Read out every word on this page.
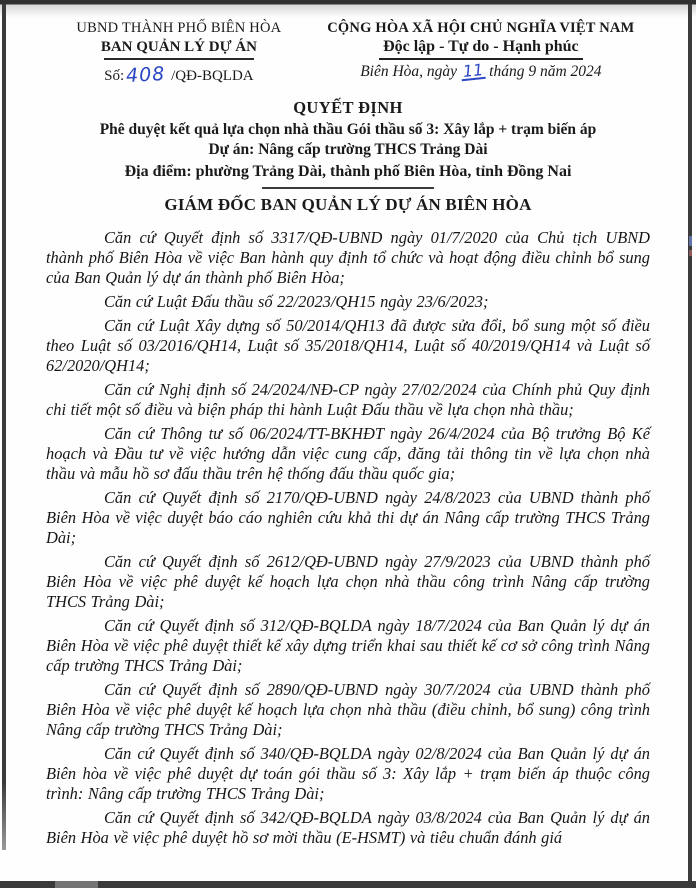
UBND THÀNH PHỐ BIÊN HÒA
BAN QUẢN LÝ DỰ ÁN
Số:408 /QĐ-BQLDA
CỘNG HÒA XÃ HỘI CHỦ NGHĨA VIỆT NAM
Độc lập - Tự do - Hạnh phúc
Biên Hòa, ngày 11 tháng 9 năm 2024
QUYẾT ĐỊNH
Phê duyệt kết quả lựa chọn nhà thầu Gói thầu số 3: Xây lắp + trạm biến áp
Dự án: Nâng cấp trường THCS Trảng Dài
Địa điểm: phường Trảng Dài, thành phố Biên Hòa, tỉnh Đồng Nai
GIÁM ĐỐC BAN QUẢN LÝ DỰ ÁN BIÊN HÒA

Căn cứ Quyết định số 3317/QĐ-UBND ngày 01/7/2020 của Chủ tịch UBND thành phố Biên Hòa về việc Ban hành quy định tổ chức và hoạt động điều chỉnh bổ sung của Ban Quản lý dự án thành phố Biên Hòa;

Căn cứ Luật Đấu thầu số 22/2023/QH15 ngày 23/6/2023;

Căn cứ Luật Xây dựng số 50/2014/QH13 đã được sửa đổi, bổ sung một số điều theo Luật số 03/2016/QH14, Luật số 35/2018/QH14, Luật số 40/2019/QH14 và Luật số 62/2020/QH14;

Căn cứ Nghị định số 24/2024/NĐ-CP ngày 27/02/2024 của Chính phủ Quy định chi tiết một số điều và biện pháp thi hành Luật Đấu thầu về lựa chọn nhà thầu;

Căn cứ Thông tư số 06/2024/TT-BKHĐT ngày 26/4/2024 của Bộ trưởng Bộ Kế hoạch và Đầu tư về việc hướng dẫn việc cung cấp, đăng tải thông tin về lựa chọn nhà thầu và mẫu hồ sơ đấu thầu trên hệ thống đấu thầu quốc gia;

Căn cứ Quyết định số 2170/QĐ-UBND ngày 24/8/2023 của UBND thành phố Biên Hòa về việc duyệt báo cáo nghiên cứu khả thi dự án Nâng cấp trường THCS Trảng Dài;

Căn cứ Quyết định số 2612/QĐ-UBND ngày 27/9/2023 của UBND thành phố Biên Hòa về việc phê duyệt kế hoạch lựa chọn nhà thầu công trình Nâng cấp trường THCS Trảng Dài;

Căn cứ Quyết định số 312/QĐ-BQLDA ngày 18/7/2024 của Ban Quản lý dự án Biên Hòa về việc phê duyệt thiết kế xây dựng triển khai sau thiết kế cơ sở công trình Nâng cấp trường THCS Trảng Dài;

Căn cứ Quyết định số 2890/QĐ-UBND ngày 30/7/2024 của UBND thành phố Biên Hòa về việc phê duyệt kế hoạch lựa chọn nhà thầu (điều chỉnh, bổ sung) công trình Nâng cấp trường THCS Trảng Dài;

Căn cứ Quyết định số 340/QĐ-BQLDA ngày 02/8/2024 của Ban Quản lý dự án Biên hòa về việc phê duyệt dự toán gói thầu số 3: Xây lắp + trạm biến áp thuộc công trình: Nâng cấp trường THCS Trảng Dài;

Căn cứ Quyết định số 342/QĐ-BQLDA ngày 03/8/2024 của Ban Quản lý dự án Biên Hòa về việc phê duyệt hồ sơ mời thầu (E-HSMT) và tiêu chuẩn đánh giá
